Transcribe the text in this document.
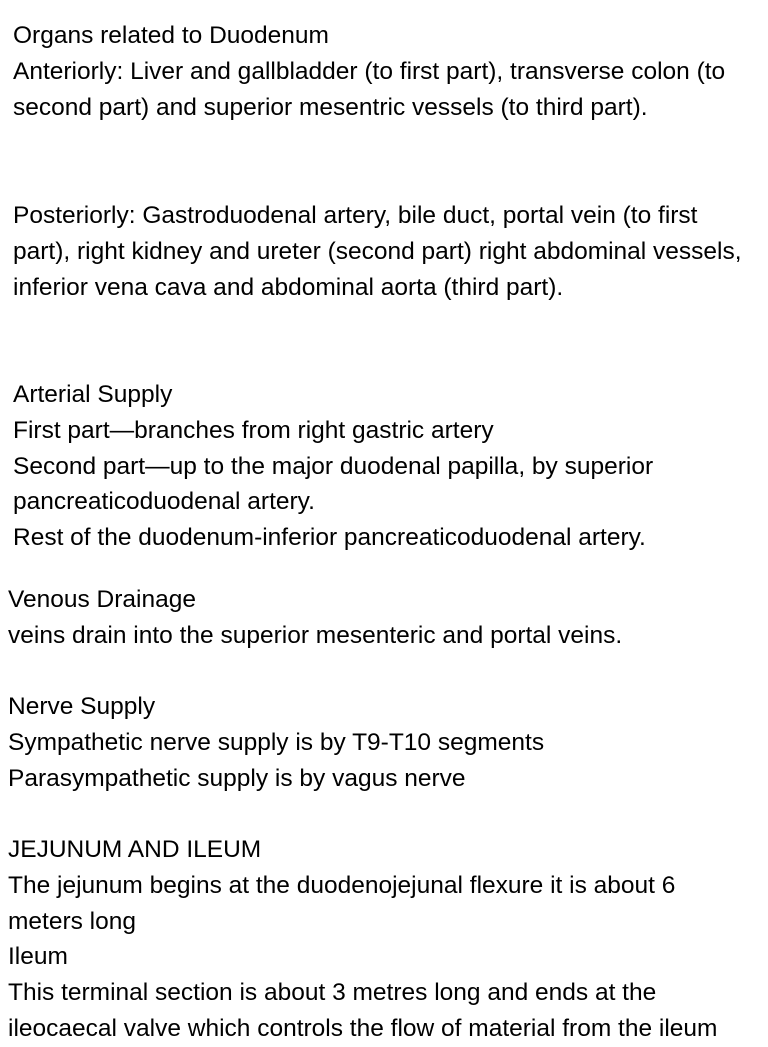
Organs related to Duodenum

Anteriorly: Liver and gallbladder (to first part), transverse colon (to second part) and superior mesentric vessels (to third part).

Posteriorly: Gastroduodenal artery, bile duct, portal vein (to first part), right kidney and ureter (second part) right abdominal vessels, inferior vena cava and abdominal aorta (third part).

Arterial Supply

First part—branches from right gastric artery

Second part—up to the major duodenal papilla, by superior pancreaticoduodenal artery.

Rest of the duodenum-inferior pancreaticoduodenal artery.

Venous Drainage

veins drain into the superior mesenteric and portal veins.

Nerve Supply

Sympathetic nerve supply is by T9-T10 segments

Parasympathetic supply is by vagus nerve

JEJUNUM AND ILEUM

The jejunum begins at the duodenojejunal flexure it is about 6 meters long

Ileum

This terminal section is about 3 metres long and ends at the ileocaecal valve which controls the flow of material from the ileum
